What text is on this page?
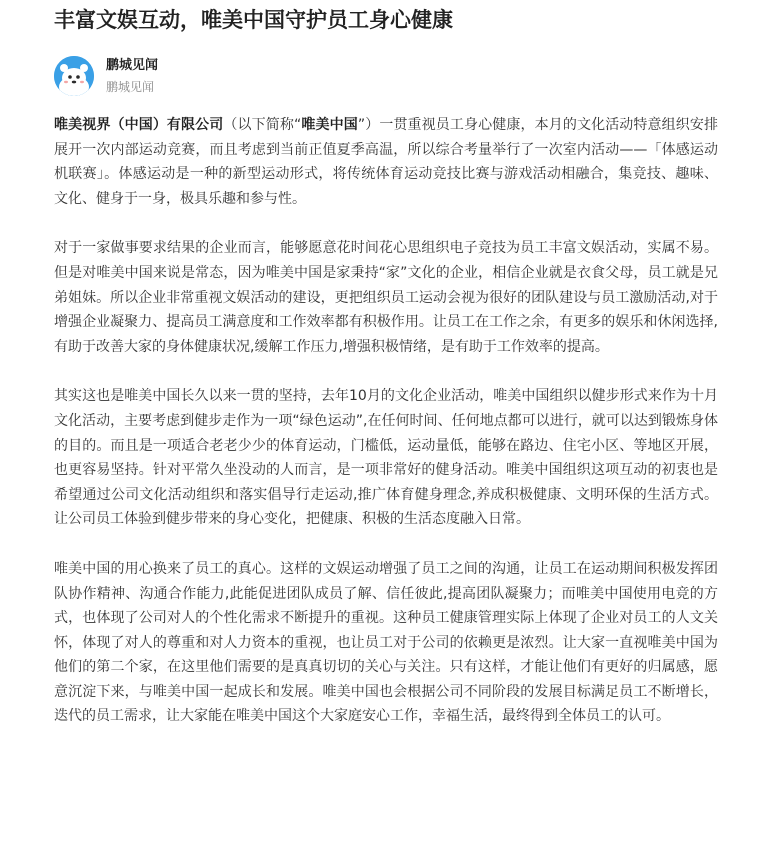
丰富文娱互动，唯美中国守护员工身心健康
鹏城见闻
鹏城见闻

唯美视界（中国）有限公司（以下简称“唯美中国”）一贯重视员工身心健康，本月的文化活动特意组织安排展开一次内部运动竞赛，而且考虑到当前正值夏季高温，所以综合考量举行了一次室内活动——「体感运动机联赛」。体感运动是一种的新型运动形式，将传统体育运动竞技比赛与游戏活动相融合，集竞技、趣味、文化、健身于一身，极具乐趣和参与性。

对于一家做事要求结果的企业而言，能够愿意花时间花心思组织电子竞技为员工丰富文娱活动，实属不易。但是对唯美中国来说是常态，因为唯美中国是家秉持“家”文化的企业，相信企业就是衣食父母，员工就是兄弟姐妹。所以企业非常重视文娱活动的建设，更把组织员工运动会视为很好的团队建设与员工激励活动,对于增强企业凝聚力、提高员工满意度和工作效率都有积极作用。让员工在工作之余，有更多的娱乐和休闲选择,有助于改善大家的身体健康状况,缓解工作压力,增强积极情绪，是有助于工作效率的提高。

其实这也是唯美中国长久以来一贯的坚持，去年10月的文化企业活动，唯美中国组织以健步形式来作为十月文化活动，主要考虑到健步走作为一项“绿色运动”,在任何时间、任何地点都可以进行，就可以达到锻炼身体的目的。而且是一项适合老老少少的体育运动，门槛低，运动量低，能够在路边、住宅小区、等地区开展，也更容易坚持。针对平常久坐没动的人而言，是一项非常好的健身活动。唯美中国组织这项互动的初衷也是希望通过公司文化活动组织和落实倡导行走运动,推广体育健身理念,养成积极健康、文明环保的生活方式。让公司员工体验到健步带来的身心变化，把健康、积极的生活态度融入日常。

唯美中国的用心换来了员工的真心。这样的文娱运动增强了员工之间的沟通，让员工在运动期间积极发挥团队协作精神、沟通合作能力,此能促进团队成员了解、信任彼此,提高团队凝聚力；而唯美中国使用电竞的方式，也体现了公司对人的个性化需求不断提升的重视。这种员工健康管理实际上体现了企业对员工的人文关怀，体现了对人的尊重和对人力资本的重视，也让员工对于公司的依赖更是浓烈。让大家一直视唯美中国为他们的第二个家，在这里他们需要的是真真切切的关心与关注。只有这样，才能让他们有更好的归属感，愿意沉淀下来，与唯美中国一起成长和发展。唯美中国也会根据公司不同阶段的发展目标满足员工不断增长，迭代的员工需求，让大家能在唯美中国这个大家庭安心工作，幸福生活，最终得到全体员工的认可。
